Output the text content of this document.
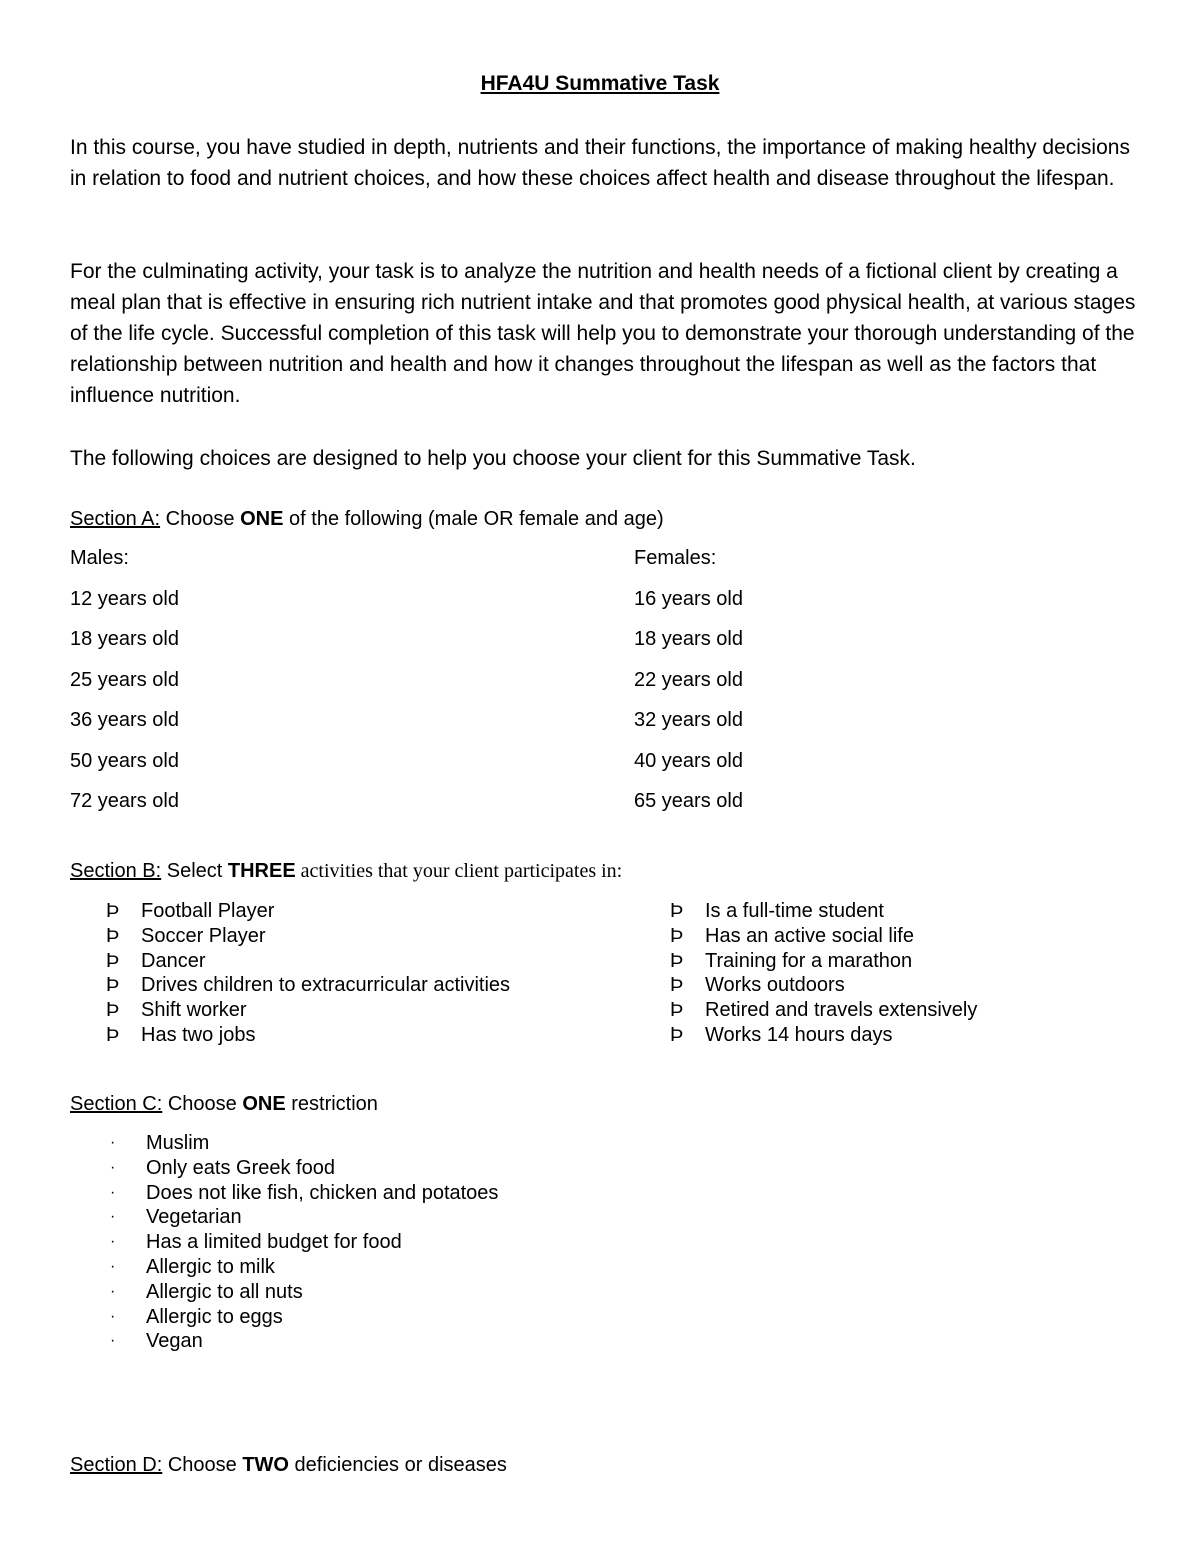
HFA4U Summative Task

In this course, you have studied in depth, nutrients and their functions, the importance of making healthy decisions in relation to food and nutrient choices, and how these choices affect health and disease throughout the lifespan.

For the culminating activity, your task is to analyze the nutrition and health needs of a fictional client by creating a meal plan that is effective in ensuring rich nutrient intake and that promotes good physical health, at various stages of the life cycle. Successful completion of this task will help you to demonstrate your thorough understanding of the relationship between nutrition and health and how it changes throughout the lifespan as well as the factors that influence nutrition.

The following choices are designed to help you choose your client for this Summative Task.

Section A: Choose ONE of the following (male OR female and age)
Males:
12 years old
18 years old
25 years old
36 years old
50 years old
72 years old
Females:
16 years old
18 years old
22 years old
32 years old
40 years old
65 years old
Section B: Select THREE activities that your client participates in:
Þ Football Player
Þ Soccer Player
Þ Dancer
Þ Drives children to extracurricular activities
Þ Shift worker
Þ Has two jobs
Þ Is a full-time student
Þ Has an active social life
Þ Training for a marathon
Þ Works outdoors
Þ Retired and travels extensively
Þ Works 14 hours days
Section C: Choose ONE restriction
· Muslim
· Only eats Greek food
· Does not like fish, chicken and potatoes
· Vegetarian
· Has a limited budget for food
· Allergic to milk
· Allergic to all nuts
· Allergic to eggs
· Vegan
Section D: Choose TWO deficiencies or diseases
